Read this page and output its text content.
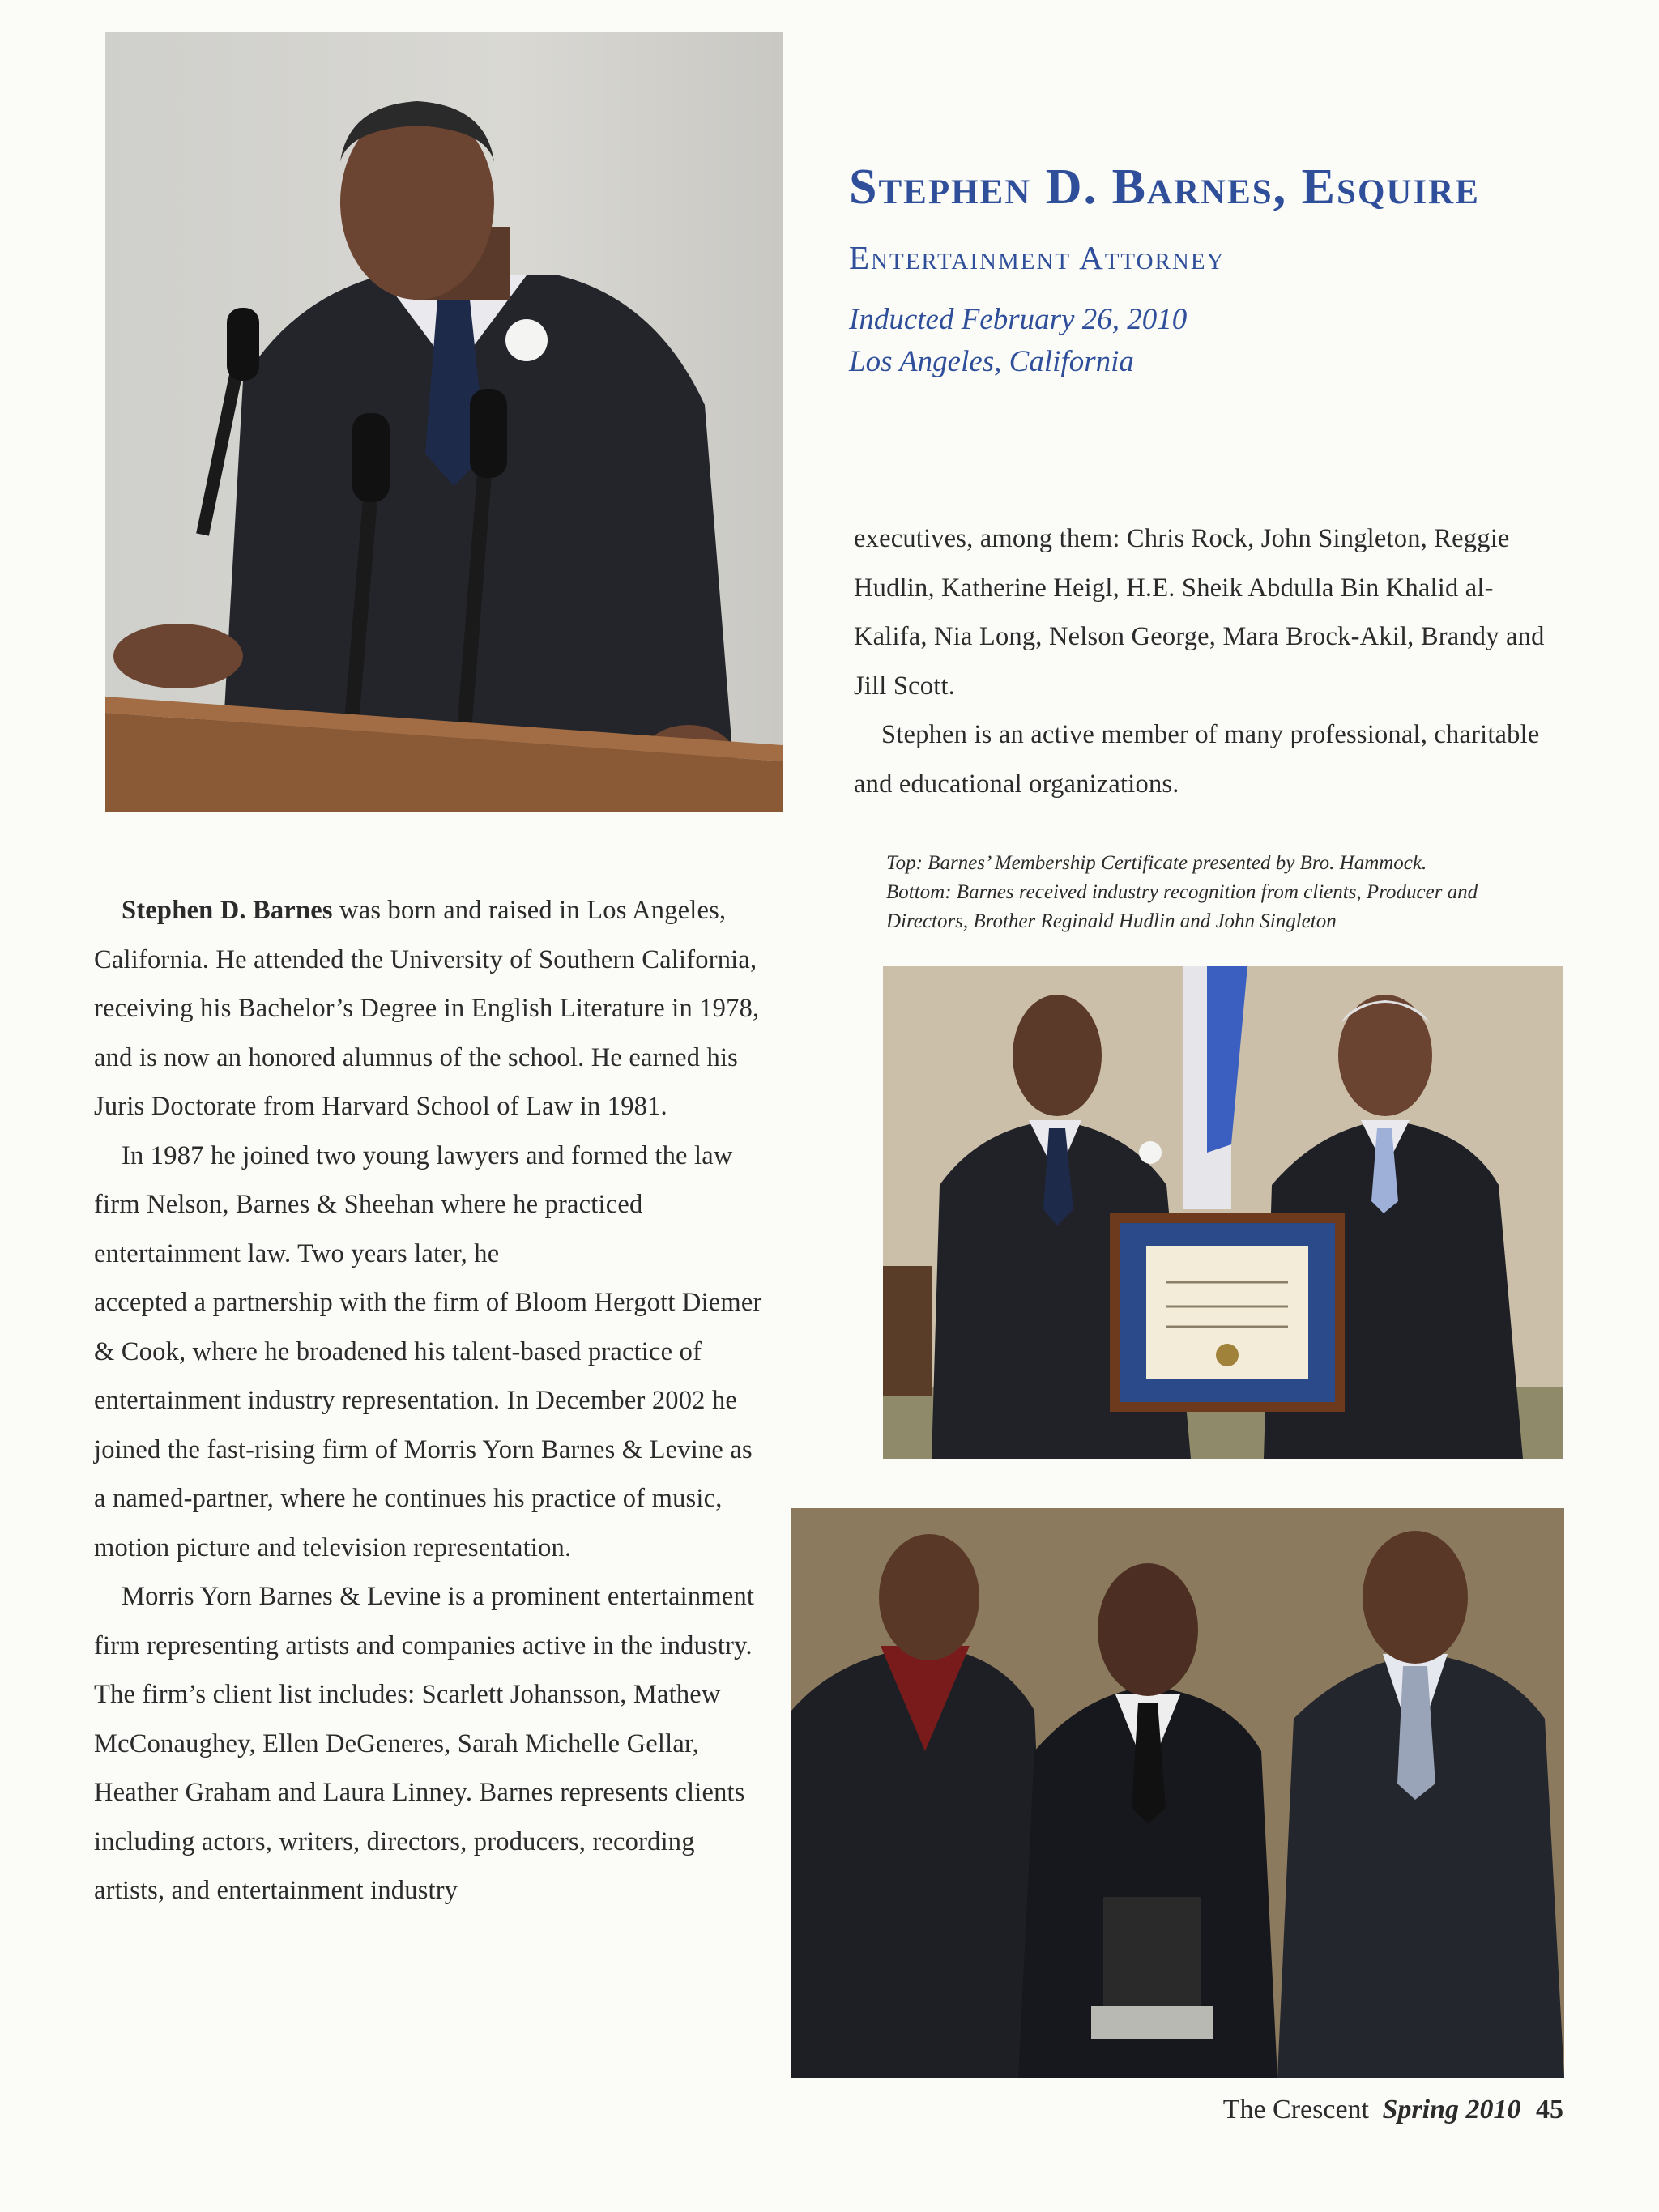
Stephen D. Barnes, Esquire
Entertainment Attorney
Inducted February 26, 2010
Los Angeles, California

executives, among them: Chris Rock, John Singleton, Reggie Hudlin, Katherine Heigl, H.E. Sheik Abdulla Bin Khalid al-Kalifa, Nia Long, Nelson George, Mara Brock-Akil, Brandy and Jill Scott.

Stephen is an active member of many professional, charitable and educational organizations.

Top: Barnes’ Membership Certificate presented by Bro. Hammock.
Bottom: Barnes received industry recognition from clients, Producer and Directors, Brother Reginald Hudlin and John Singleton

Stephen D. Barnes was born and raised in Los Angeles, California. He attended the University of Southern California, receiving his Bachelor’s Degree in English Literature in 1978, and is now an honored alumnus of the school. He earned his Juris Doctorate from Harvard School of Law in 1981.

In 1987 he joined two young lawyers and formed the law firm Nelson, Barnes & Sheehan where he practiced entertainment law. Two years later, he

accepted a partnership with the firm of Bloom Hergott Diemer & Cook, where he broadened his talent-based practice of entertainment industry representation. In December 2002 he joined the fast-rising firm of Morris Yorn Barnes & Levine as a named-partner, where he continues his practice of music, motion picture and television representation.

Morris Yorn Barnes & Levine is a prominent entertainment firm representing artists and companies active in the industry. The firm’s client list includes: Scarlett Johansson, Mathew McConaughey, Ellen DeGeneres, Sarah Michelle Gellar, Heather Graham and Laura Linney. Barnes represents clients including actors, writers, directors, producers, recording artists, and entertainment industry

The Crescent Spring 2010 45
